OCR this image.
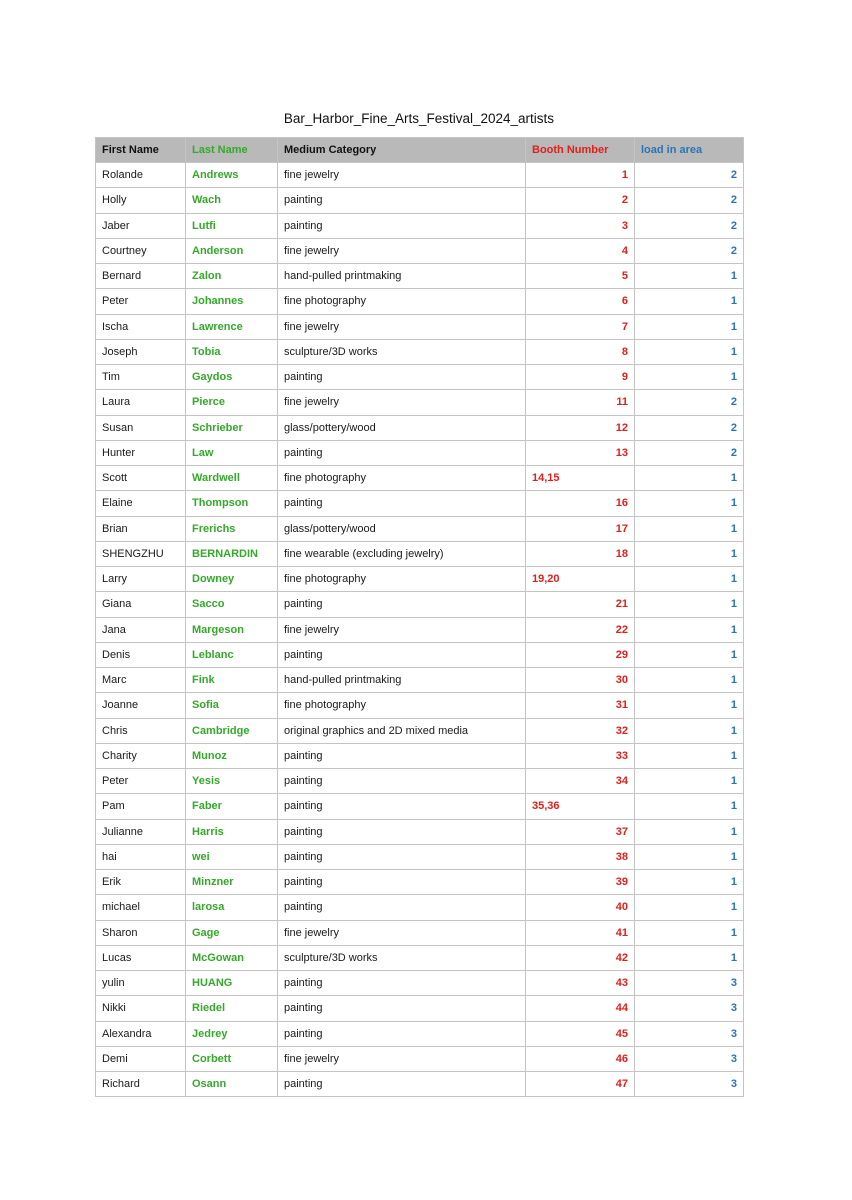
Bar_Harbor_Fine_Arts_Festival_2024_artists
First Name	Last Name	Medium Category	Booth Number	load in area
Rolande	Andrews	fine jewelry	1	2
Holly	Wach	painting	2	2
Jaber	Lutfi	painting	3	2
Courtney	Anderson	fine jewelry	4	2
Bernard	Zalon	hand-pulled printmaking	5	1
Peter	Johannes	fine photography	6	1
Ischa	Lawrence	fine jewelry	7	1
Joseph	Tobia	sculpture/3D works	8	1
Tim	Gaydos	painting	9	1
Laura	Pierce	fine jewelry	11	2
Susan	Schrieber	glass/pottery/wood	12	2
Hunter	Law	painting	13	2
Scott	Wardwell	fine photography	14,15	1
Elaine	Thompson	painting	16	1
Brian	Frerichs	glass/pottery/wood	17	1
SHENGZHU	BERNARDIN	fine wearable (excluding jewelry)	18	1
Larry	Downey	fine photography	19,20	1
Giana	Sacco	painting	21	1
Jana	Margeson	fine jewelry	22	1
Denis	Leblanc	painting	29	1
Marc	Fink	hand-pulled printmaking	30	1
Joanne	Sofia	fine photography	31	1
Chris	Cambridge	original graphics and 2D mixed media	32	1
Charity	Munoz	painting	33	1
Peter	Yesis	painting	34	1
Pam	Faber	painting	35,36	1
Julianne	Harris	painting	37	1
hai	wei	painting	38	1
Erik	Minzner	painting	39	1
michael	larosa	painting	40	1
Sharon	Gage	fine jewelry	41	1
Lucas	McGowan	sculpture/3D works	42	1
yulin	HUANG	painting	43	3
Nikki	Riedel	painting	44	3
Alexandra	Jedrey	painting	45	3
Demi	Corbett	fine jewelry	46	3
Richard	Osann	painting	47	3
